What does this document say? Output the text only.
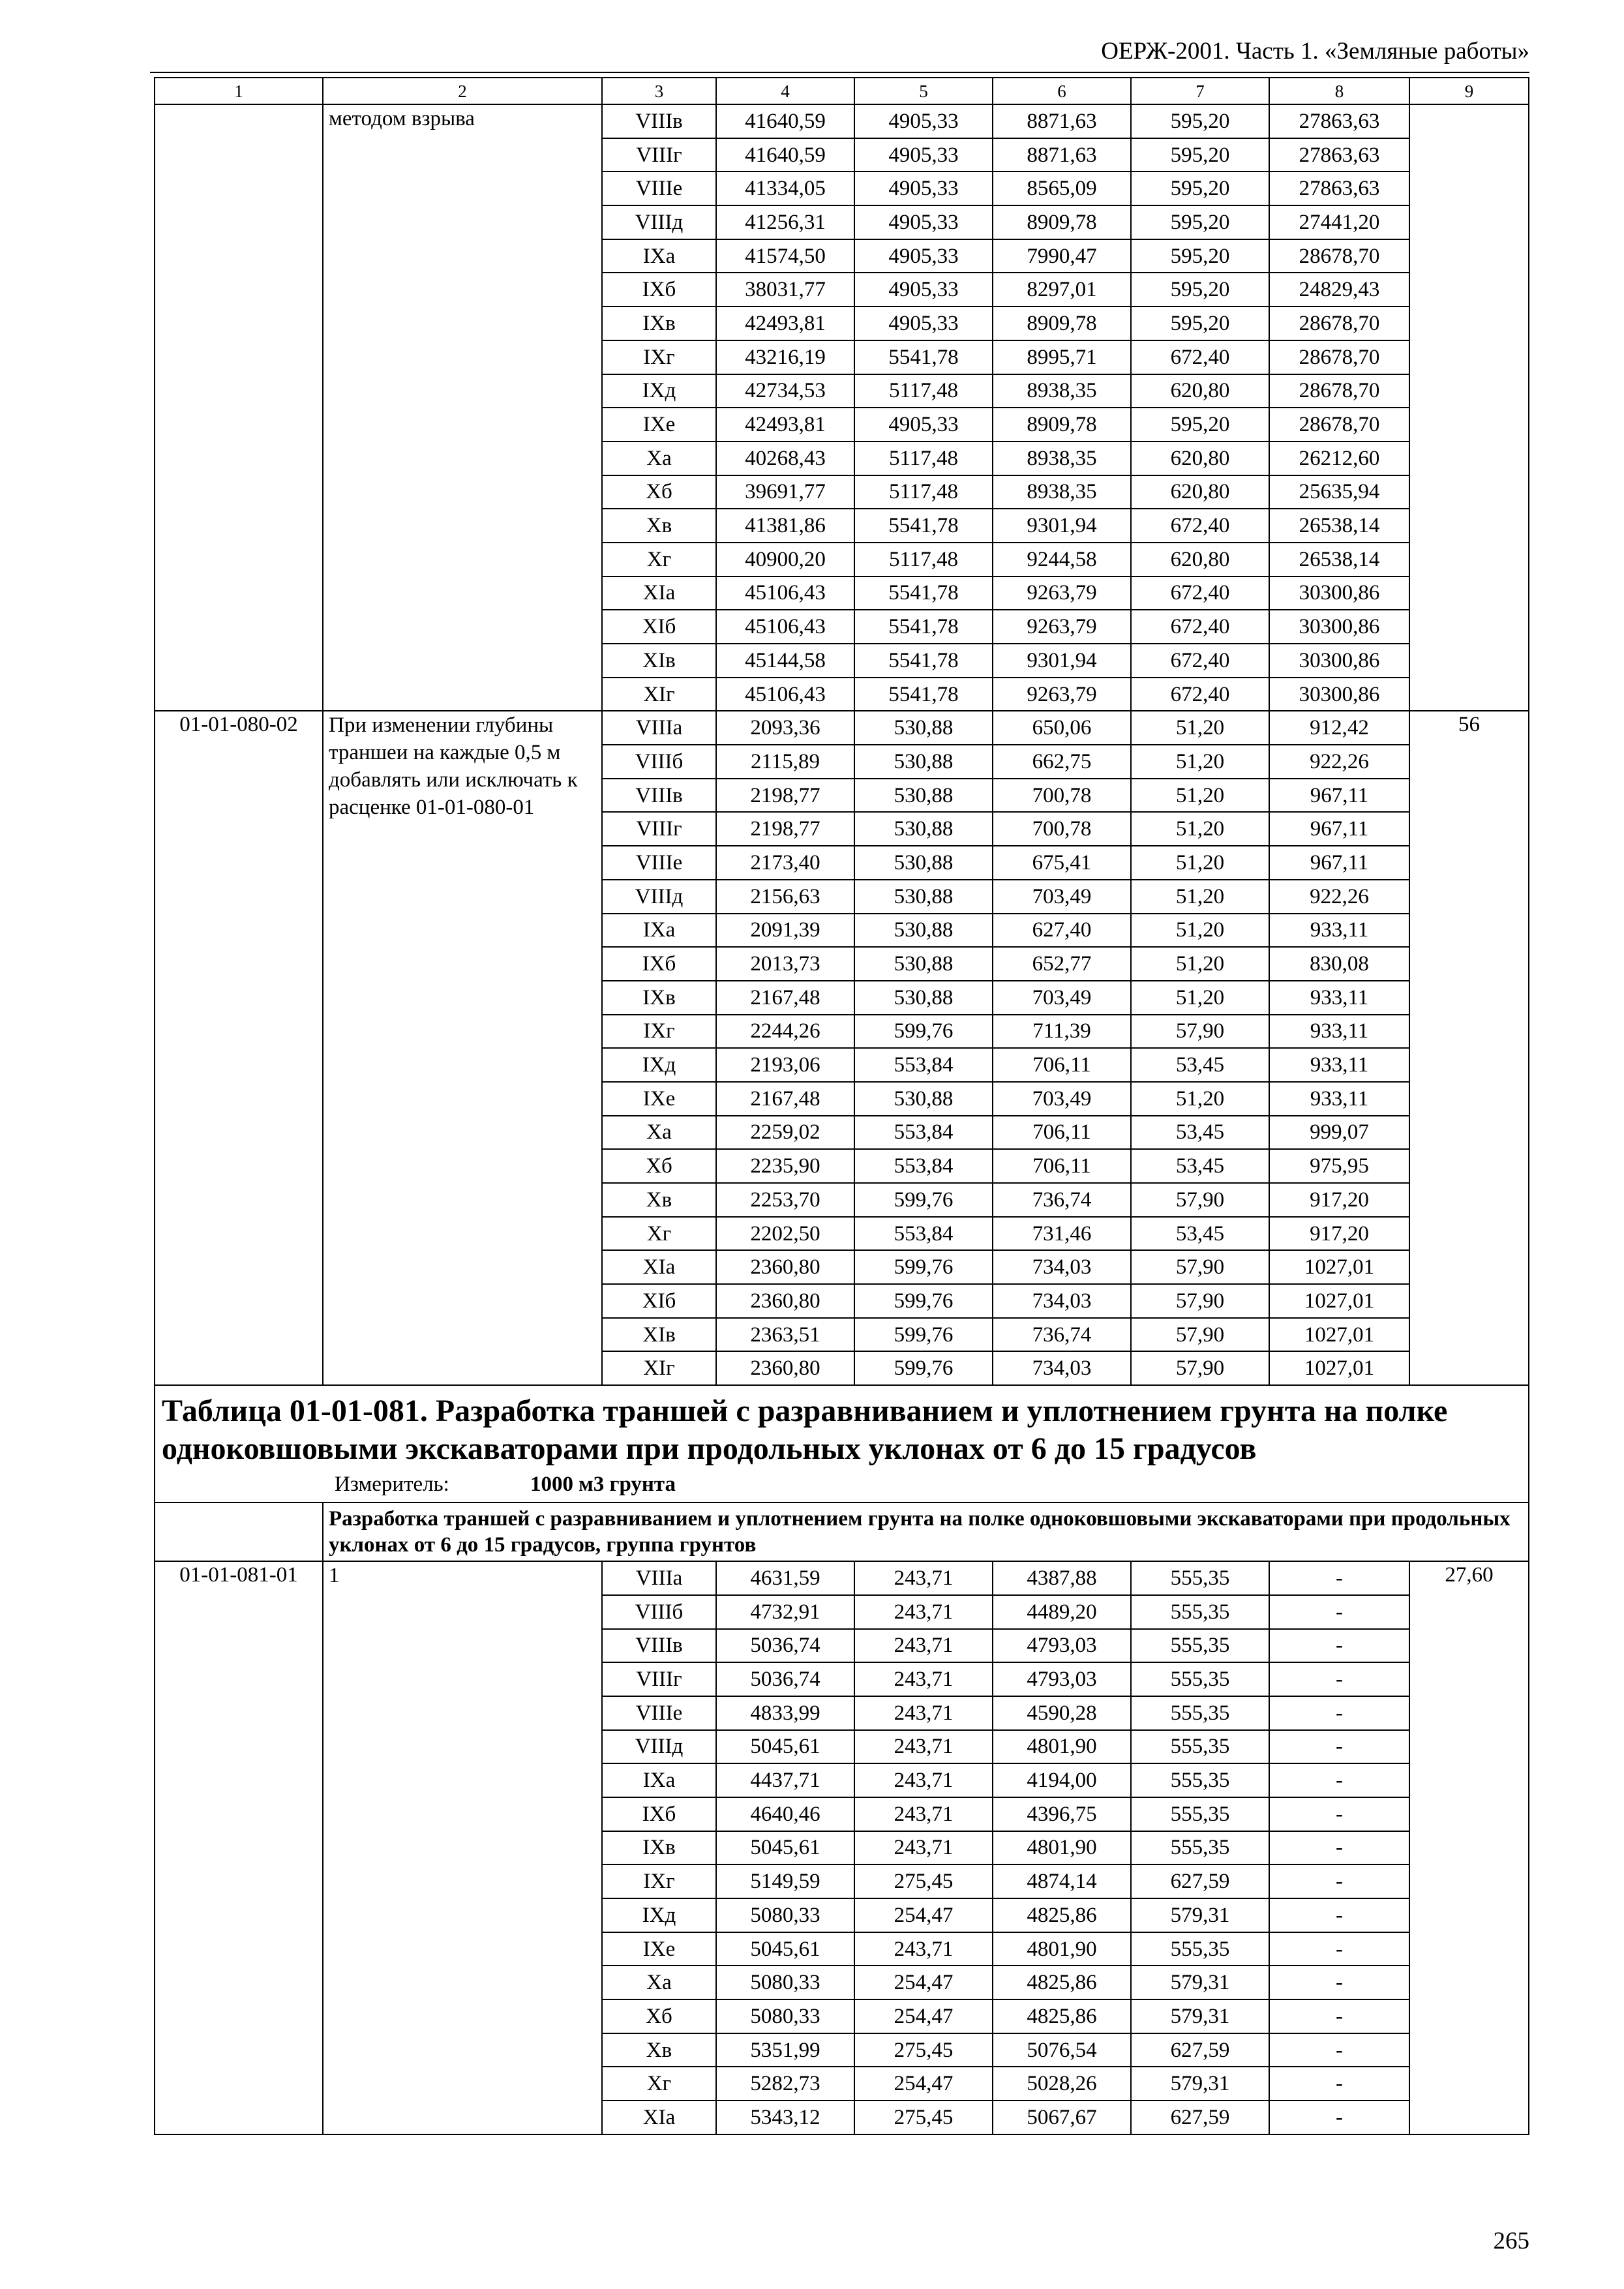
ОЕРЖ-2001. Часть 1. «Земляные работы»
1	2	3	4	5	6	7	8	9
	методом взрыва	VIIIв	41640,59	4905,33	8871,63	595,20	27863,63	
		VIIIг	41640,59	4905,33	8871,63	595,20	27863,63	
		VIIIе	41334,05	4905,33	8565,09	595,20	27863,63	
		VIIIд	41256,31	4905,33	8909,78	595,20	27441,20	
		IXа	41574,50	4905,33	7990,47	595,20	28678,70	
		IXб	38031,77	4905,33	8297,01	595,20	24829,43	
		IXв	42493,81	4905,33	8909,78	595,20	28678,70	
		IXг	43216,19	5541,78	8995,71	672,40	28678,70	
		IXд	42734,53	5117,48	8938,35	620,80	28678,70	
		IXе	42493,81	4905,33	8909,78	595,20	28678,70	
		Xа	40268,43	5117,48	8938,35	620,80	26212,60	
		Xб	39691,77	5117,48	8938,35	620,80	25635,94	
		Xв	41381,86	5541,78	9301,94	672,40	26538,14	
		Xг	40900,20	5117,48	9244,58	620,80	26538,14	
		XIа	45106,43	5541,78	9263,79	672,40	30300,86	
		XIб	45106,43	5541,78	9263,79	672,40	30300,86	
		XIв	45144,58	5541,78	9301,94	672,40	30300,86	
		XIг	45106,43	5541,78	9263,79	672,40	30300,86	
01-01-080-02	При изменении глубины траншеи на каждые 0,5 м добавлять или исключать к расценке 01-01-080-01	VIIIа	2093,36	530,88	650,06	51,20	912,42	56
		VIIIб	2115,89	530,88	662,75	51,20	922,26	
		VIIIв	2198,77	530,88	700,78	51,20	967,11	
		VIIIг	2198,77	530,88	700,78	51,20	967,11	
		VIIIе	2173,40	530,88	675,41	51,20	967,11	
		VIIIд	2156,63	530,88	703,49	51,20	922,26	
		IXа	2091,39	530,88	627,40	51,20	933,11	
		IXб	2013,73	530,88	652,77	51,20	830,08	
		IXв	2167,48	530,88	703,49	51,20	933,11	
		IXг	2244,26	599,76	711,39	57,90	933,11	
		IXд	2193,06	553,84	706,11	53,45	933,11	
		IXе	2167,48	530,88	703,49	51,20	933,11	
		Xа	2259,02	553,84	706,11	53,45	999,07	
		Xб	2235,90	553,84	706,11	53,45	975,95	
		Xв	2253,70	599,76	736,74	57,90	917,20	
		Xг	2202,50	553,84	731,46	53,45	917,20	
		XIа	2360,80	599,76	734,03	57,90	1027,01	
		XIб	2360,80	599,76	734,03	57,90	1027,01	
		XIв	2363,51	599,76	736,74	57,90	1027,01	
		XIг	2360,80	599,76	734,03	57,90	1027,01	

Таблица 01-01-081. Разработка траншей с разравниванием и уплотнением грунта на полке одноковшовыми экскаваторами при продольных уклонах от 6 до 15 градусов
Измеритель: 1000 м3 грунта								

	Разработка траншей с разравниванием и уплотнением грунта на полке одноковшовыми экскаваторами при продольных уклонах от 6 до 15 градусов, группа грунтов							
01-01-081-01	1	VIIIа	4631,59	243,71	4387,88	555,35	-	27,60
		VIIIб	4732,91	243,71	4489,20	555,35	-	
		VIIIв	5036,74	243,71	4793,03	555,35	-	
		VIIIг	5036,74	243,71	4793,03	555,35	-	
		VIIIе	4833,99	243,71	4590,28	555,35	-	
		VIIIд	5045,61	243,71	4801,90	555,35	-	
		IXа	4437,71	243,71	4194,00	555,35	-	
		IXб	4640,46	243,71	4396,75	555,35	-	
		IXв	5045,61	243,71	4801,90	555,35	-	
		IXг	5149,59	275,45	4874,14	627,59	-	
		IXд	5080,33	254,47	4825,86	579,31	-	
		IXе	5045,61	243,71	4801,90	555,35	-	
		Xа	5080,33	254,47	4825,86	579,31	-	
		Xб	5080,33	254,47	4825,86	579,31	-	
		Xв	5351,99	275,45	5076,54	627,59	-	
		Xг	5282,73	254,47	5028,26	579,31	-	
		XIа	5343,12	275,45	5067,67	627,59	-	
265
